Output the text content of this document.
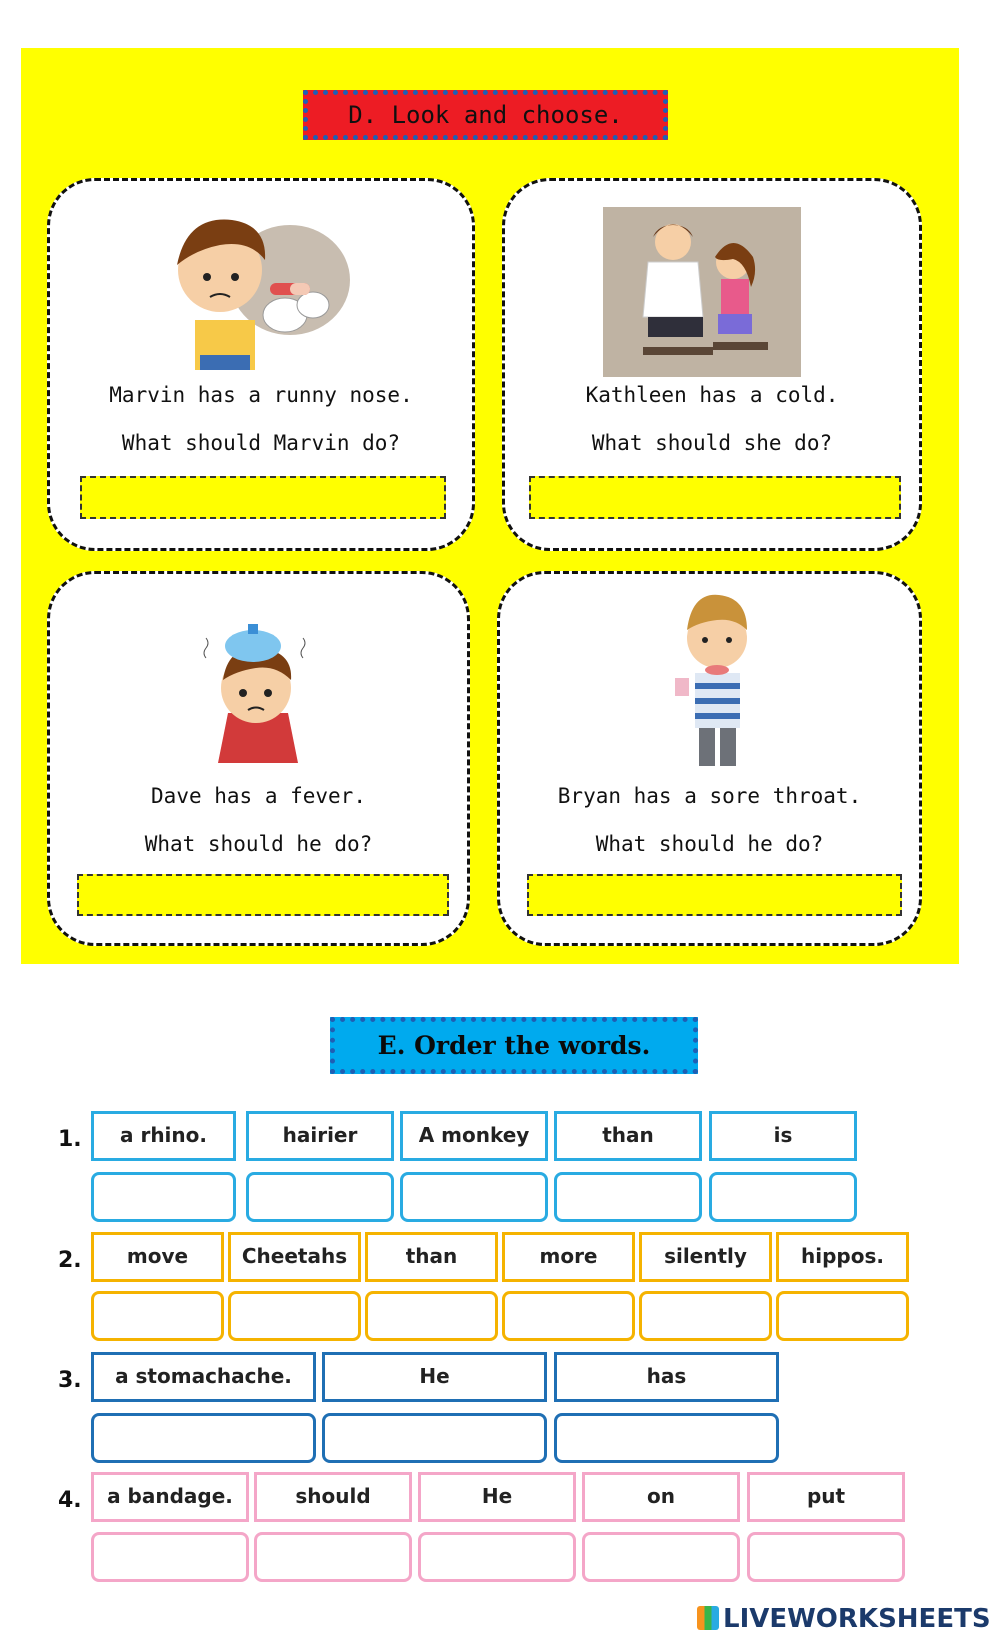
D. Look and choose.
Marvin has a runny nose.
What should Marvin do?
Kathleen has a cold.
What should she do?
Dave has a fever.
What should he do?
Bryan has a sore throat.
What should he do?
E. Order the words.
1.	a rhino.	hairier	A monkey	than	is
2.	move	Cheetahs	than	more	silently	hippos.
3.	a stomachache.	He	has
4.	a bandage.	should	He	on	put
LIVEWORKSHEETS
